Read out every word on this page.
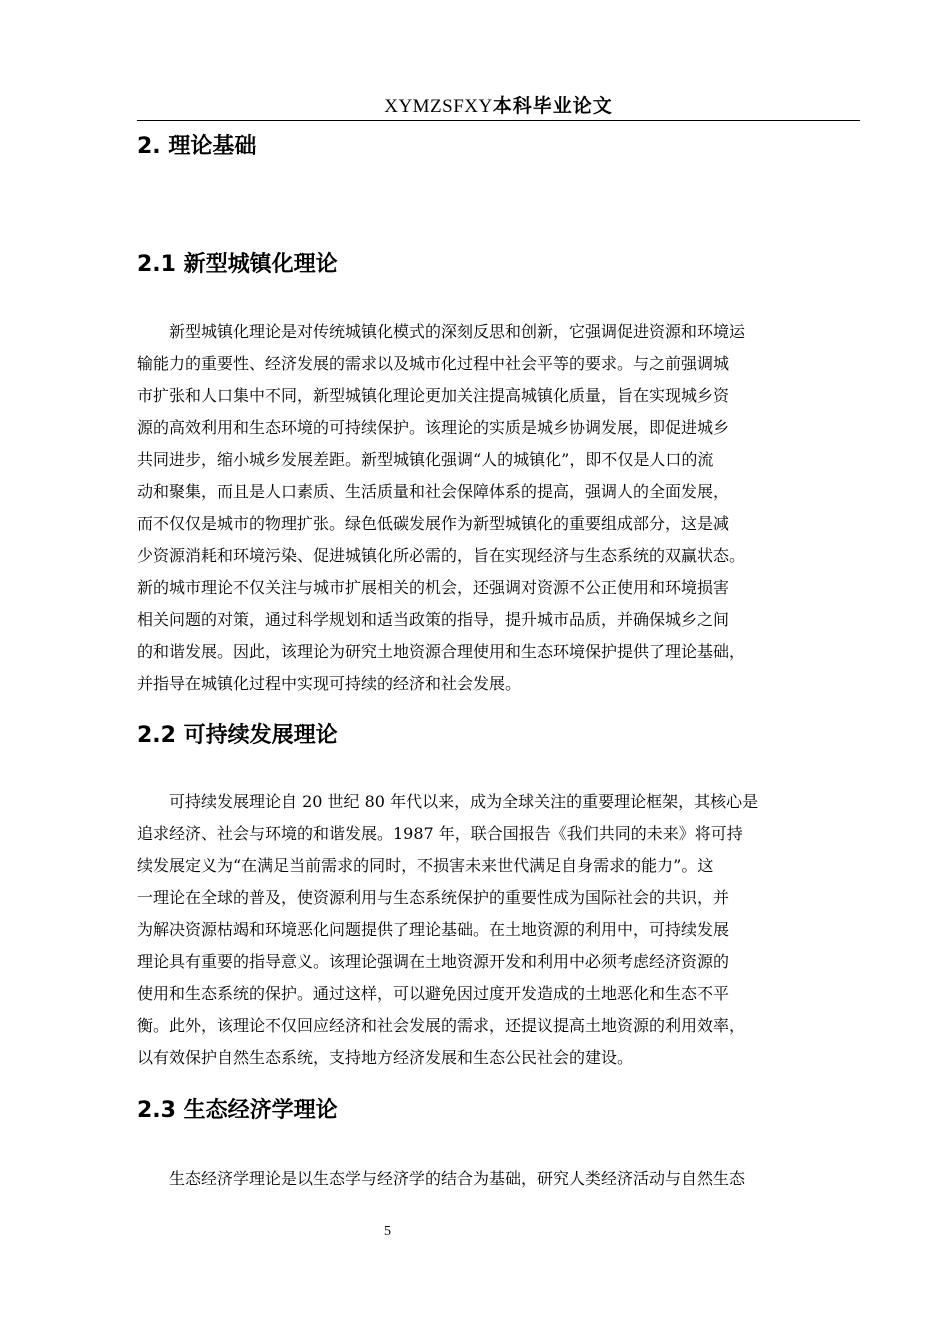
XYMZSFXY本科毕业论文
2. 理论基础
2.1 新型城镇化理论
新型城镇化理论是对传统城镇化模式的深刻反思和创新，它强调促进资源和环境运
输能力的重要性、经济发展的需求以及城市化过程中社会平等的要求。与之前强调城
市扩张和人口集中不同，新型城镇化理论更加关注提高城镇化质量，旨在实现城乡资
源的高效利用和生态环境的可持续保护。该理论的实质是城乡协调发展，即促进城乡
共同进步，缩小城乡发展差距。新型城镇化强调“人的城镇化”，即不仅是人口的流
动和聚集，而且是人口素质、生活质量和社会保障体系的提高，强调人的全面发展，
而不仅仅是城市的物理扩张。绿色低碳发展作为新型城镇化的重要组成部分，这是减
少资源消耗和环境污染、促进城镇化所必需的，旨在实现经济与生态系统的双赢状态。
新的城市理论不仅关注与城市扩展相关的机会，还强调对资源不公正使用和环境损害
相关问题的对策，通过科学规划和适当政策的指导，提升城市品质，并确保城乡之间
的和谐发展。因此，该理论为研究土地资源合理使用和生态环境保护提供了理论基础，
并指导在城镇化过程中实现可持续的经济和社会发展。
2.2 可持续发展理论
可持续发展理论自 20 世纪 80 年代以来，成为全球关注的重要理论框架，其核心是
追求经济、社会与环境的和谐发展。1987 年，联合国报告《我们共同的未来》将可持
续发展定义为“在满足当前需求的同时，不损害未来世代满足自身需求的能力”。这
一理论在全球的普及，使资源利用与生态系统保护的重要性成为国际社会的共识，并
为解决资源枯竭和环境恶化问题提供了理论基础。在土地资源的利用中，可持续发展
理论具有重要的指导意义。该理论强调在土地资源开发和利用中必须考虑经济资源的
使用和生态系统的保护。通过这样，可以避免因过度开发造成的土地恶化和生态不平
衡。此外，该理论不仅回应经济和社会发展的需求，还提议提高土地资源的利用效率，
以有效保护自然生态系统，支持地方经济发展和生态公民社会的建设。
2.3 生态经济学理论
生态经济学理论是以生态学与经济学的结合为基础，研究人类经济活动与自然生态
5
